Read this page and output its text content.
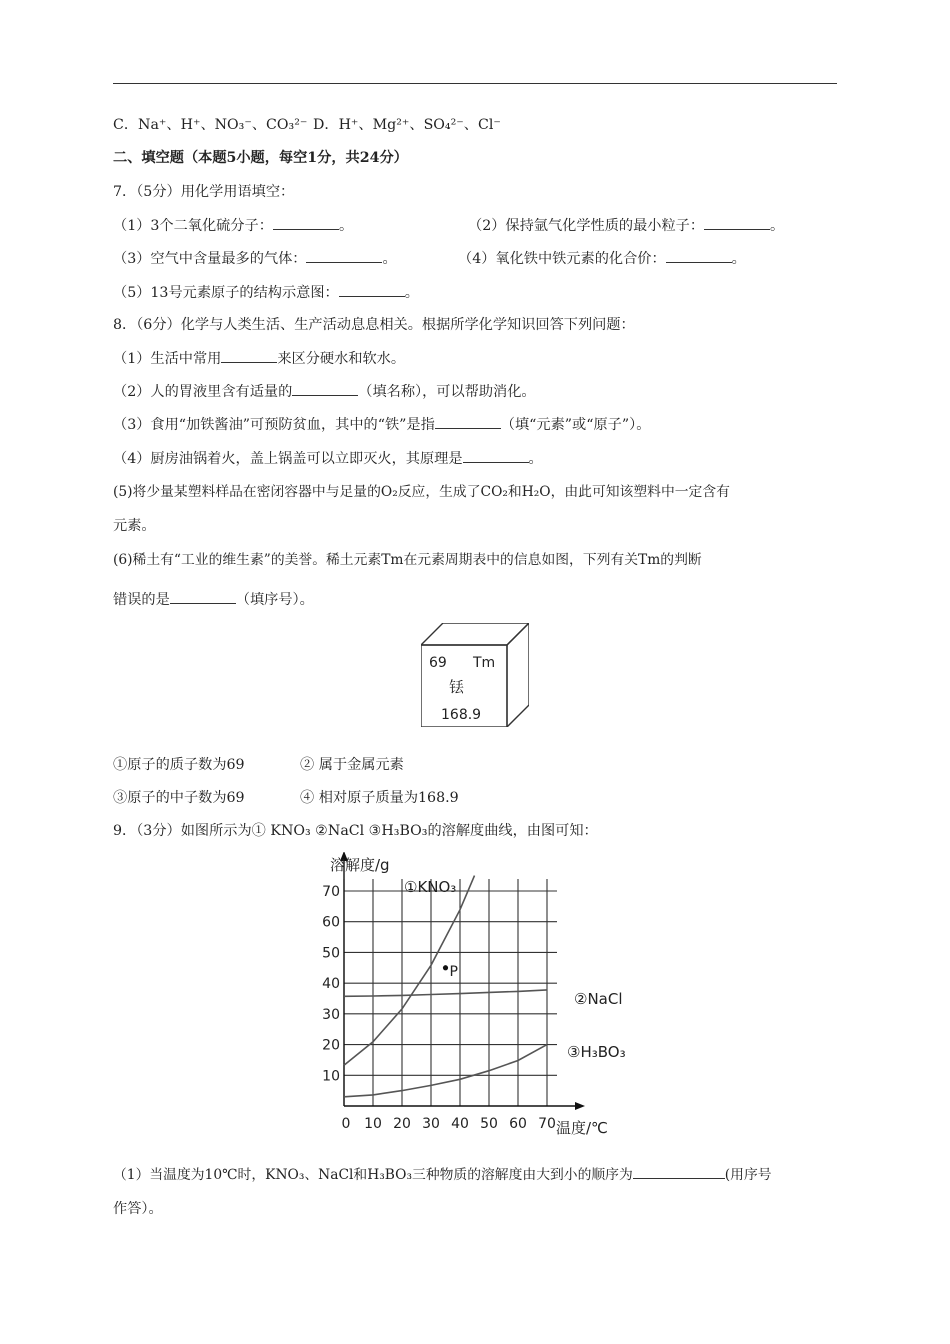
C．Na⁺、H⁺、NO₃⁻、CO₃²⁻ D．H⁺、Mg²⁺、SO₄²⁻、Cl⁻
二、填空题（本题5小题，每空1分，共24分）
7．（5分）用化学用语填空：
（1）3个二氧化硫分子：	。	（2）保持氩气化学性质的最小粒子：	。
（3）空气中含量最多的气体：	。	（4）氧化铁中铁元素的化合价：	。
（5）13号元素原子的结构示意图：	。
8．（6分）化学与人类生活、生产活动息息相关。根据所学化学知识回答下列问题：
（1）生活中常用	来区分硬水和软水。
（2）人的胃液里含有适量的	（填名称），可以帮助消化。
（3）食用“加铁酱油”可预防贫血，其中的“铁”是指	（填“元素”或“原子”）。
（4）厨房油锅着火，盖上锅盖可以立即灭火，其原理是	。
(5)将少量某塑料样品在密闭容器中与足量的O₂反应，生成了CO₂和H₂O，由此可知该塑料中一定含有
元素。
(6)稀土有“工业的维生素”的美誉。稀土元素Tm在元素周期表中的信息如图，下列有关Tm的判断
错误的是	（填序号）。
69 Tm
铥
168.9
①原子的质子数为69	② 属于金属元素
③原子的中子数为69	④ 相对原子质量为168.9
9．（3分）如图所示为① KNO₃ ②NaCl ③H₃BO₃的溶解度曲线，由图可知：
0 10 20 30 40 50 60 70
10
20
30
40
50
60
70
溶解度/g
温度/℃
①KNO₃
②NaCl
③H₃BO₃
P
（1）当温度为10℃时，KNO₃、NaCl和H₃BO₃三种物质的溶解度由大到小的顺序为	(用序号
作答）。
